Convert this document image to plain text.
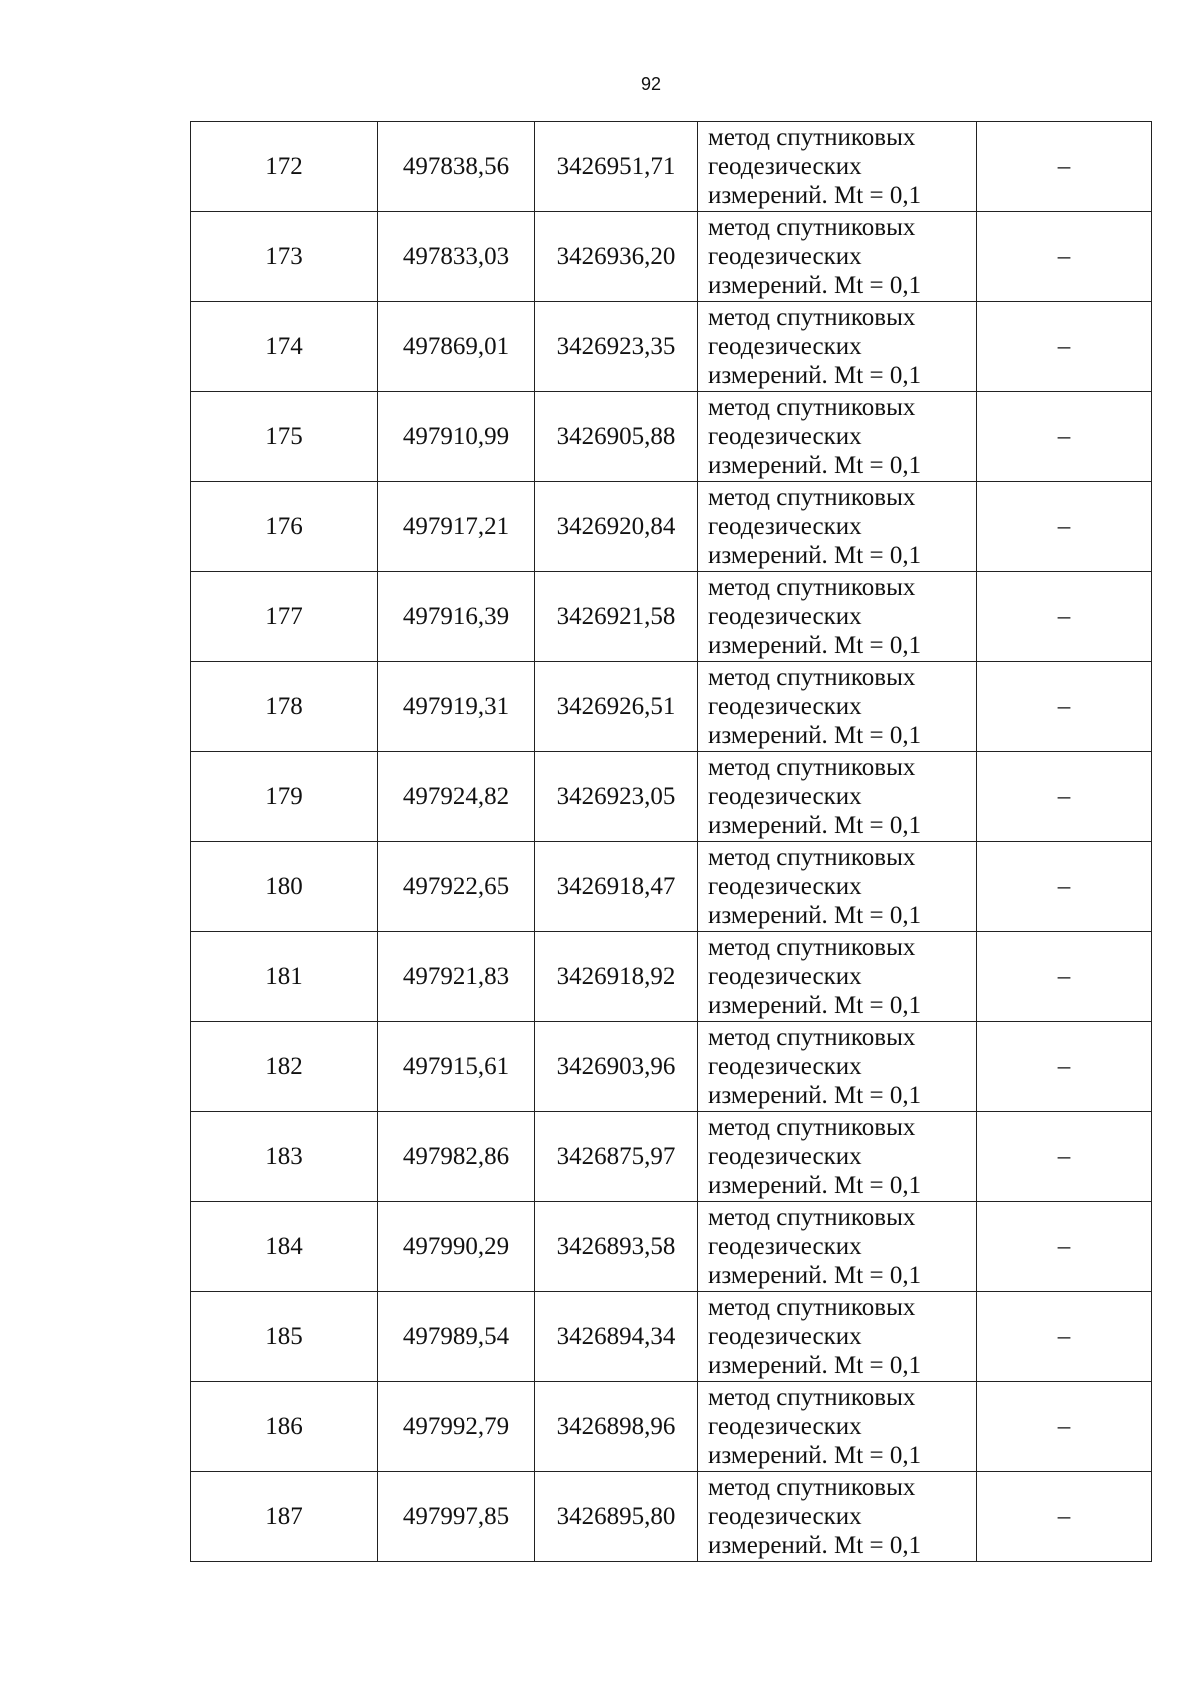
92
172	497838,56	3426951,71	метод спутниковых
геодезических
измерений. Mt = 0,1	–
173	497833,03	3426936,20	метод спутниковых
геодезических
измерений. Mt = 0,1	–
174	497869,01	3426923,35	метод спутниковых
геодезических
измерений. Mt = 0,1	–
175	497910,99	3426905,88	метод спутниковых
геодезических
измерений. Mt = 0,1	–
176	497917,21	3426920,84	метод спутниковых
геодезических
измерений. Mt = 0,1	–
177	497916,39	3426921,58	метод спутниковых
геодезических
измерений. Mt = 0,1	–
178	497919,31	3426926,51	метод спутниковых
геодезических
измерений. Mt = 0,1	–
179	497924,82	3426923,05	метод спутниковых
геодезических
измерений. Mt = 0,1	–
180	497922,65	3426918,47	метод спутниковых
геодезических
измерений. Mt = 0,1	–
181	497921,83	3426918,92	метод спутниковых
геодезических
измерений. Mt = 0,1	–
182	497915,61	3426903,96	метод спутниковых
геодезических
измерений. Mt = 0,1	–
183	497982,86	3426875,97	метод спутниковых
геодезических
измерений. Mt = 0,1	–
184	497990,29	3426893,58	метод спутниковых
геодезических
измерений. Mt = 0,1	–
185	497989,54	3426894,34	метод спутниковых
геодезических
измерений. Mt = 0,1	–
186	497992,79	3426898,96	метод спутниковых
геодезических
измерений. Mt = 0,1	–
187	497997,85	3426895,80	метод спутниковых
геодезических
измерений. Mt = 0,1	–
